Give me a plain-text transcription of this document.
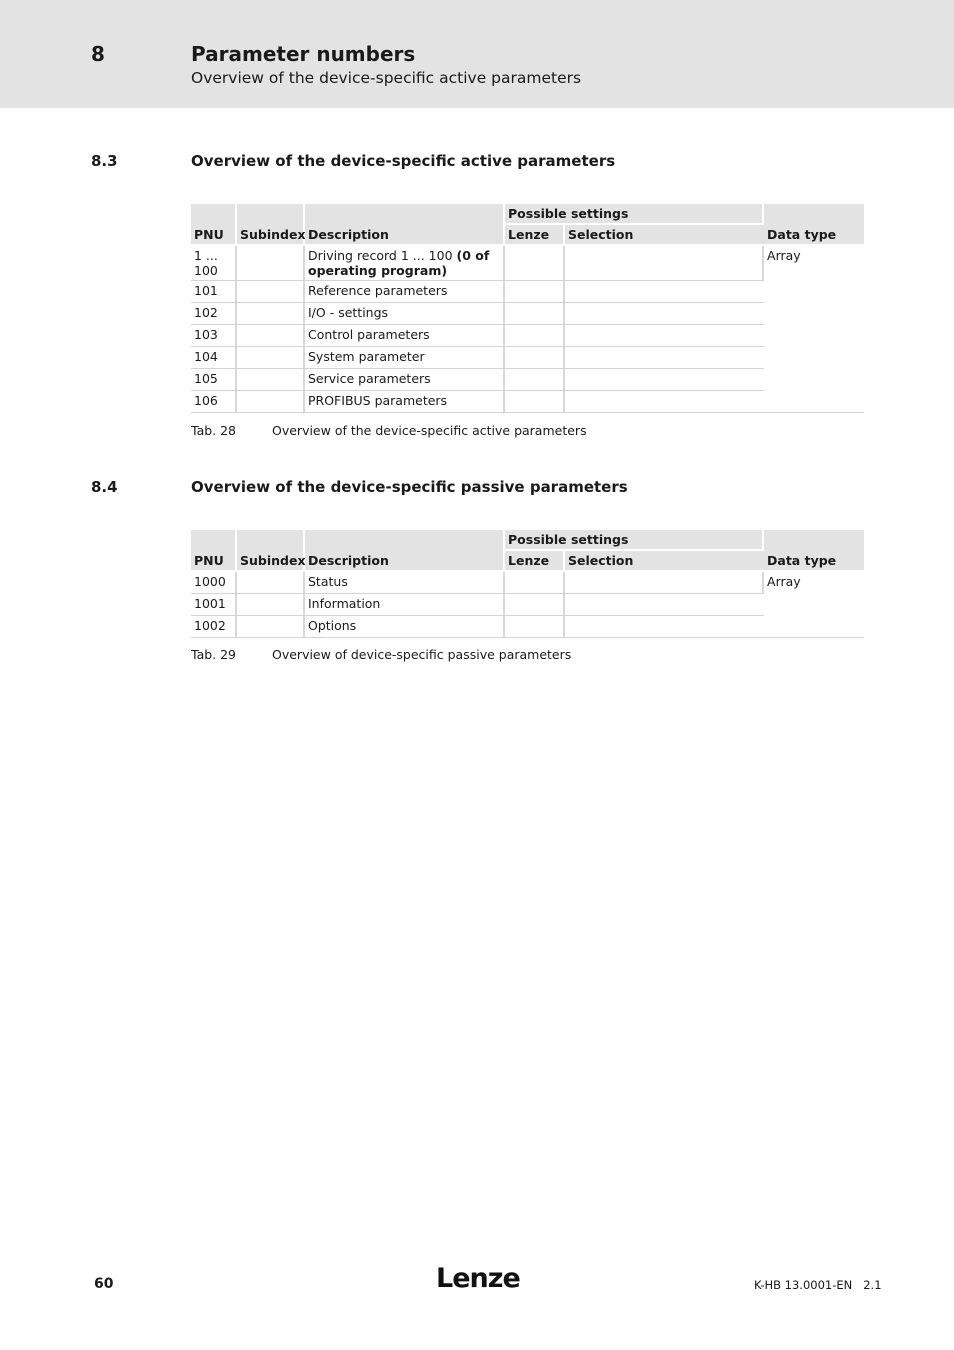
8	Parameter numbers
Overview of the device-specific active parameters
8.3	Overview of the device-specific active parameters
PNU	Subindex	Description	Possible settings		Data type
			Lenze	Selection	
1 ...
100		Driving record 1 ... 100 (0 of operating program)			Array
101		Reference parameters			
102		I/O - settings			
103		Control parameters			
104		System parameter			
105		Service parameters			
106		PROFIBUS parameters			
Tab. 28	Overview of the device-specific active parameters
8.4	Overview of the device-specific passive parameters
PNU	Subindex	Description	Possible settings		Data type
			Lenze	Selection	
1000		Status			Array
1001		Information			
1002		Options			
Tab. 29	Overview of device-specific passive parameters
60	Lenze	K-HB 13.0001-EN   2.1
